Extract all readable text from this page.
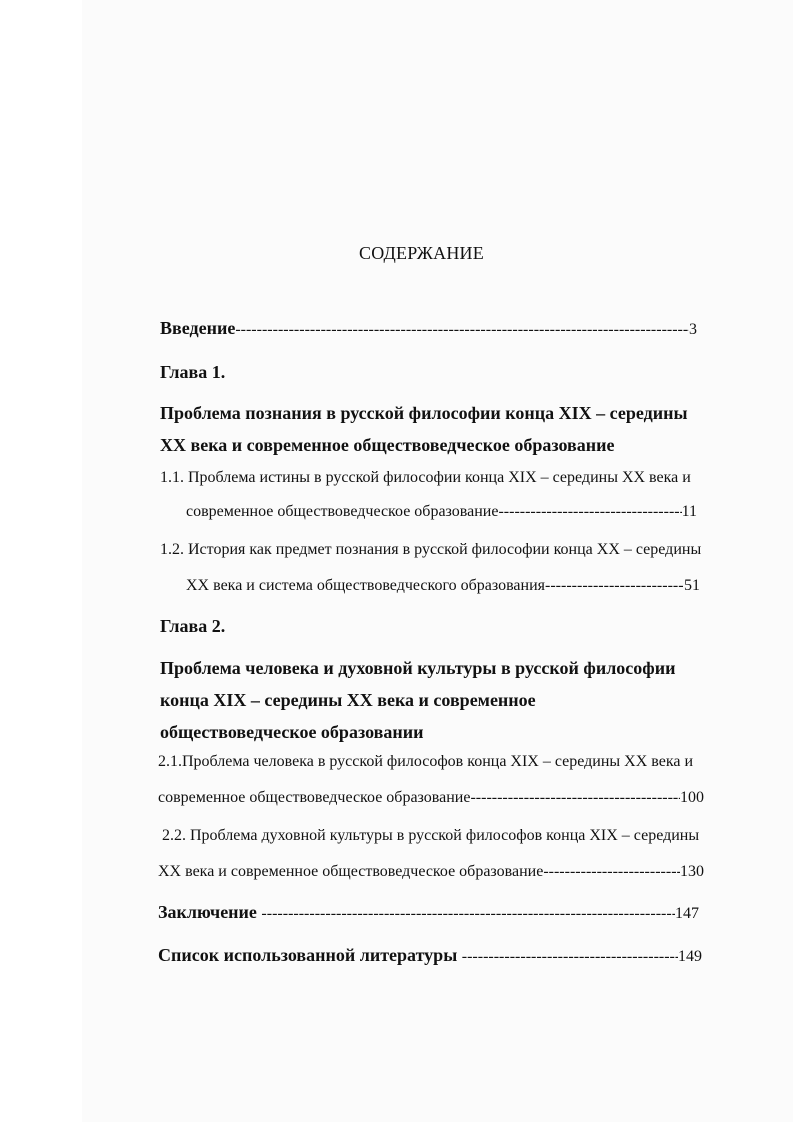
СОДЕРЖАНИЕ
Введение -----	3
Глава 1.
Проблема познания в русской философии конца XIX – середины
XX века и современное обществоведческое образование
1.1. Проблема истины в русской философии конца XIX – середины XX века и
современное обществоведческое образование -----	11
1.2. История как предмет познания в русской философии конца XX – середины
XX века и система обществоведческого образования -----	51
Глава 2.
Проблема человека и духовной культуры в русской философии
конца XIX – середины XX века и современное
обществоведческое образовании
2.1.Проблема человека в русской философов конца XIX – середины XX века и
современное обществоведческое образование -----	100
2.2. Проблема духовной культуры в русской философов конца XIX – середины
XX века и современное обществоведческое образование -----	130
Заключение -----	147
Список использованной литературы -----	149
